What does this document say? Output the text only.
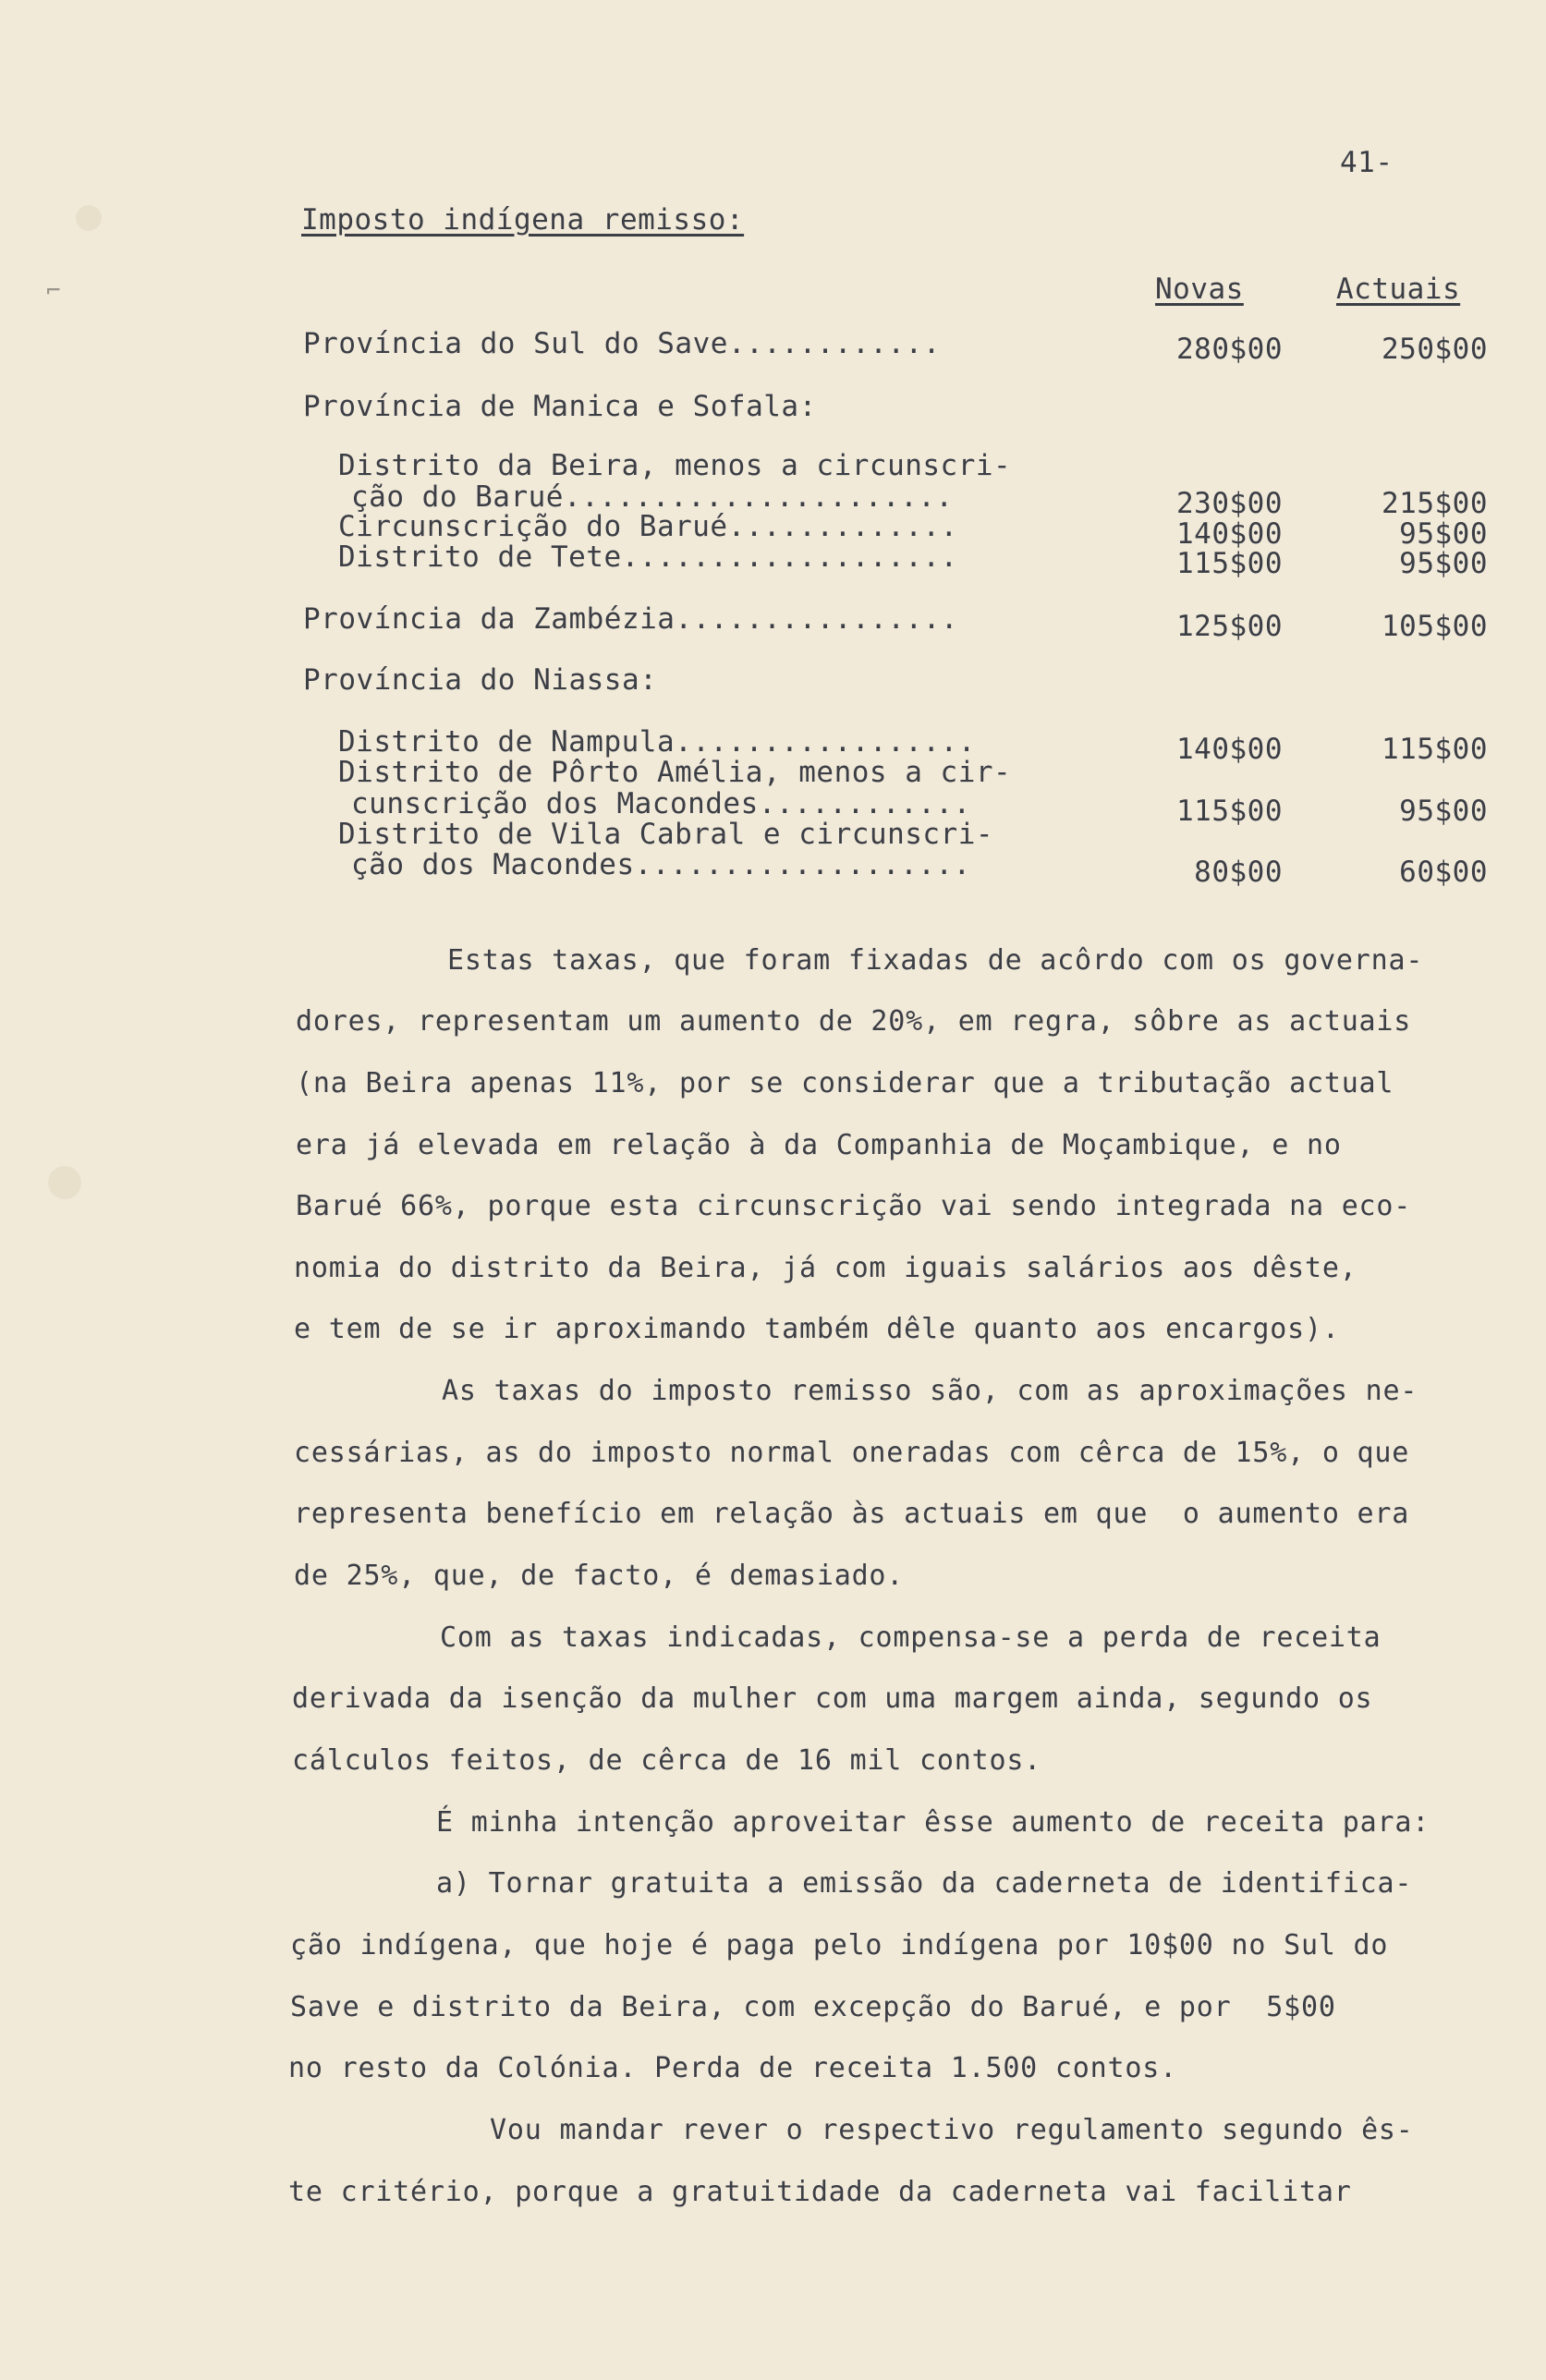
⌐
41-
Imposto indígena remisso:
Novas	Actuais
Província do Sul do Save............	280$00	250$00
Província de Manica e Sofala:
Distrito da Beira, menos a circunscri-
ção do Barué......................	230$00	215$00
Circunscrição do Barué.............	140$00	95$00
Distrito de Tete...................	115$00	95$00
Província da Zambézia................	125$00	105$00
Província do Niassa:
Distrito de Nampula.................	140$00	115$00
Distrito de Pôrto Amélia, menos a cir-
cunscrição dos Macondes............	115$00	95$00
Distrito de Vila Cabral e circunscri-
ção dos Macondes...................	80$00	60$00
Estas taxas, que foram fixadas de acôrdo com os governa-
dores, representam um aumento de 20%, em regra, sôbre as actuais
(na Beira apenas 11%, por se considerar que a tributação actual
era já elevada em relação à da Companhia de Moçambique, e no
Barué 66%, porque esta circunscrição vai sendo integrada na eco-
nomia do distrito da Beira, já com iguais salários aos dêste,
e tem de se ir aproximando também dêle quanto aos encargos).
As taxas do imposto remisso são, com as aproximações ne-
cessárias, as do imposto normal oneradas com cêrca de 15%, o que
representa benefício em relação às actuais em que  o aumento era
de 25%, que, de facto, é demasiado.
Com as taxas indicadas, compensa-se a perda de receita
derivada da isenção da mulher com uma margem ainda, segundo os
cálculos feitos, de cêrca de 16 mil contos.
É minha intenção aproveitar êsse aumento de receita para:
a) Tornar gratuita a emissão da caderneta de identifica-
ção indígena, que hoje é paga pelo indígena por 10$00 no Sul do
Save e distrito da Beira, com excepção do Barué, e por  5$00
no resto da Colónia. Perda de receita 1.500 contos.
Vou mandar rever o respectivo regulamento segundo ês-
te critério, porque a gratuitidade da caderneta vai facilitar
